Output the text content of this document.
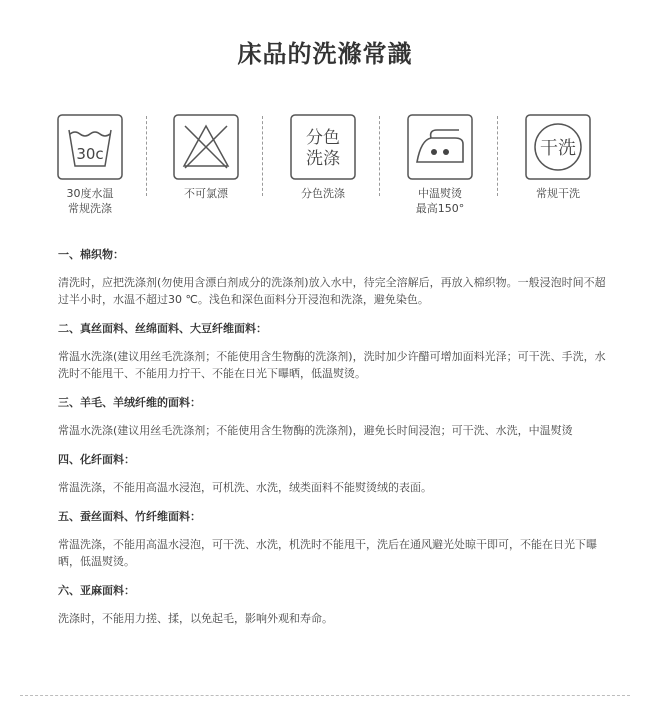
床品的洗滌常識
30c
30度水温
常规洗涤
不可氯漂
分色
洗涤
分色洗涤	中温熨烫
最高150°
干洗
常规干洗
一、棉织物：
清洗时，应把洗涤剂(勿使用含漂白剂成分的洗涤剂)放入水中，待完全溶解后，再放入棉织物。一般浸泡时间不超过半小时，水温不超过30 ℃。浅色和深色面料分开浸泡和洗涤，避免染色。
二、真丝面料、丝绵面料、大豆纤维面料：
常温水洗涤(建议用丝毛洗涤剂；不能使用含生物酶的洗涤剂)，洗时加少许醋可增加面料光泽；可干洗、手洗，水洗时不能甩干、不能用力拧干、不能在日光下曝晒，低温熨烫。
三、羊毛、羊绒纤维的面料：
常温水洗涤(建议用丝毛洗涤剂；不能使用含生物酶的洗涤剂)，避免长时间浸泡；可干洗、水洗，中温熨烫
四、化纤面料：
常温洗涤，不能用高温水浸泡，可机洗、水洗，绒类面料不能熨烫绒的表面。
五、蚕丝面料、竹纤维面料：
常温洗涤，不能用高温水浸泡，可干洗、水洗，机洗时不能甩干，洗后在通风避光处晾干即可，不能在日光下曝晒，低温熨烫。
六、亚麻面料：
洗涤时，不能用力搓、揉，以免起毛，影响外观和寿命。
